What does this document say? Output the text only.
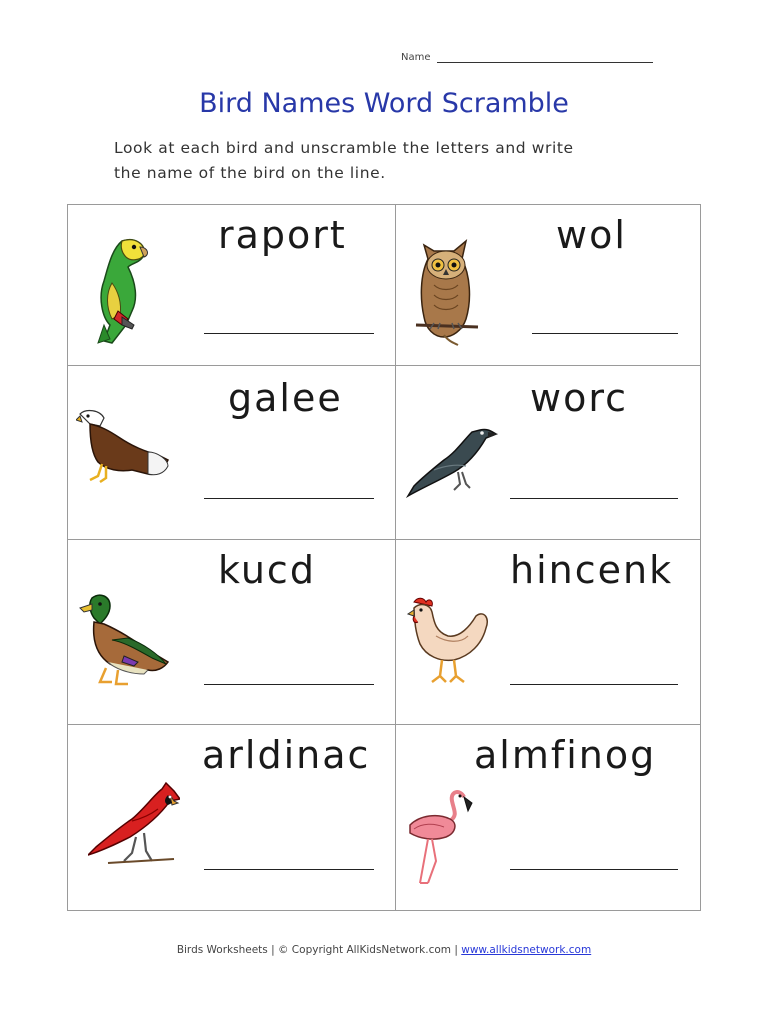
Name
Bird Names Word Scramble
Look at each bird and unscramble the letters and write
the name of the bird on the line.
raport	wol
galee	worc
kucd	hincenk
arldinac	almfinog
Birds Worksheets | © Copyright AllKidsNetwork.com | www.allkidsnetwork.com
